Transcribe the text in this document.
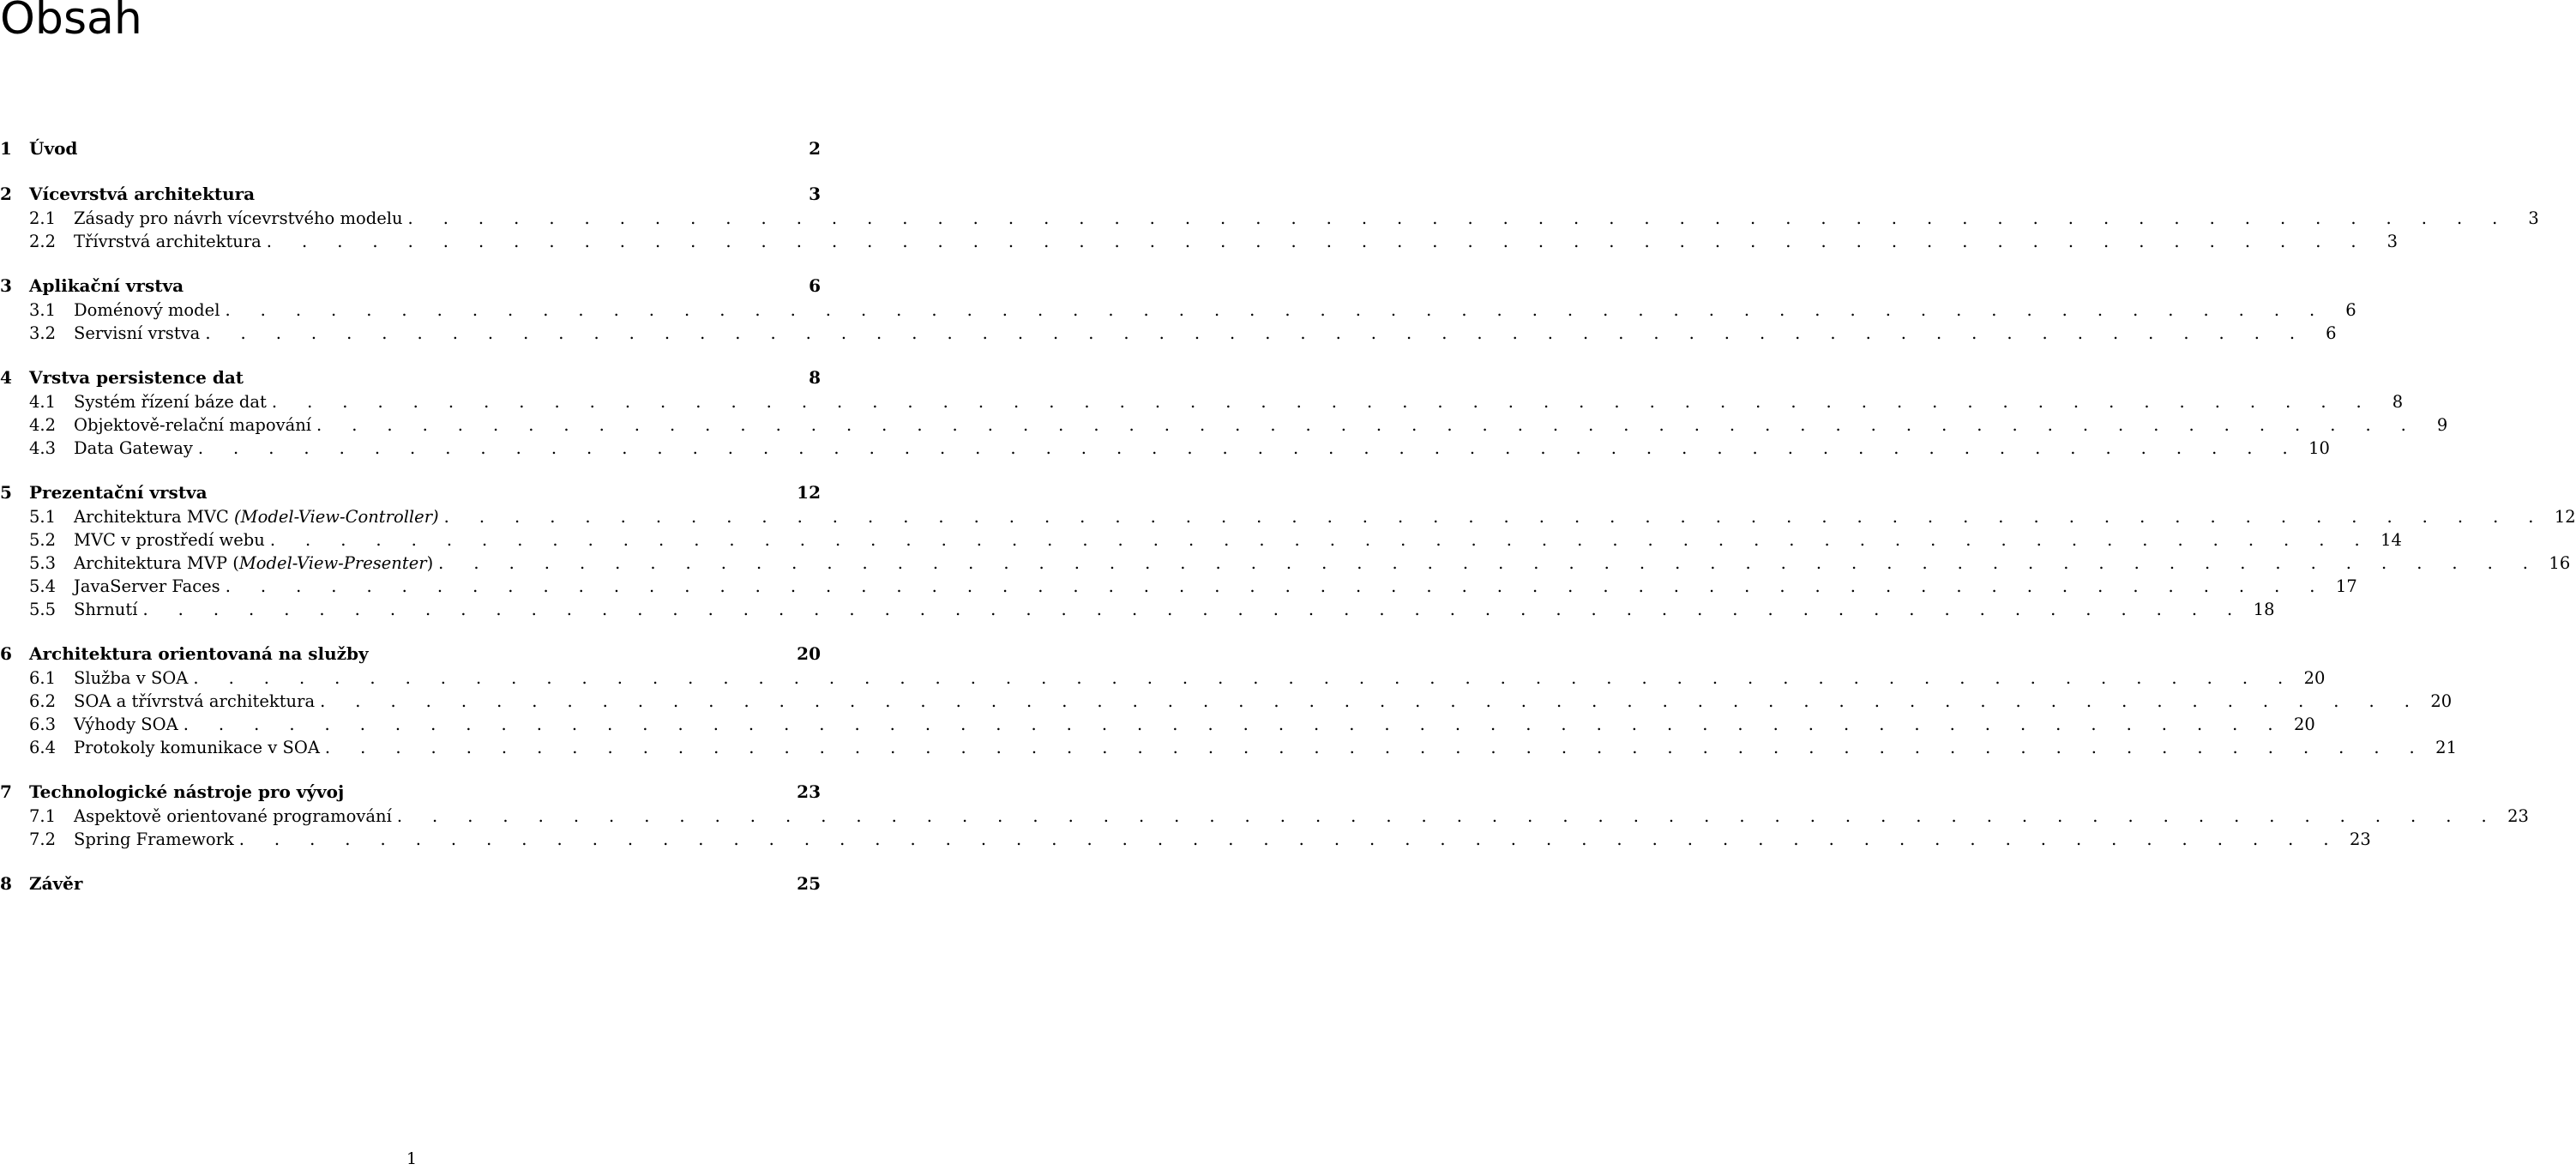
Obsah
1	Úvod	2
2	Vícevrstvá architektura	3
2.1	Zásady pro návrh vícevrstvého modelu . . . . . . . . . . . . . . . . . . . . . . . . . . . . . . . . . . . . . . . . . . . . . . . . . . . . . . . . . . . .	3
2.2	Třívrstvá architektura . . . . . . . . . . . . . . . . . . . . . . . . . . . . . . . . . . . . . . . . . . . . . . . . . . . . . . . . . . . .	3
3	Aplikační vrstva	6
3.1	Doménový model . . . . . . . . . . . . . . . . . . . . . . . . . . . . . . . . . . . . . . . . . . . . . . . . . . . . . . . . . . . .	6
3.2	Servisní vrstva . . . . . . . . . . . . . . . . . . . . . . . . . . . . . . . . . . . . . . . . . . . . . . . . . . . . . . . . . . . .	6
4	Vrstva persistence dat	8
4.1	Systém řízení báze dat . . . . . . . . . . . . . . . . . . . . . . . . . . . . . . . . . . . . . . . . . . . . . . . . . . . . . . . . . . . .	8
4.2	Objektově-relační mapování . . . . . . . . . . . . . . . . . . . . . . . . . . . . . . . . . . . . . . . . . . . . . . . . . . . . . . . . . . . .	9
4.3	Data Gateway . . . . . . . . . . . . . . . . . . . . . . . . . . . . . . . . . . . . . . . . . . . . . . . . . . . . . . . . . . . . 10
5	Prezentační vrstva	12
5.1	Architektura MVC (Model-View-Controller) . . . . . . . . . . . . . . . . . . . . . . . . . . . . . . . . . . . . . . . . . . . . . . . . . . . . . . . . . . . . 12
5.2	MVC v prostředí webu . . . . . . . . . . . . . . . . . . . . . . . . . . . . . . . . . . . . . . . . . . . . . . . . . . . . . . . . . . . . 14
5.3	Architektura MVP (Model-View-Presenter) . . . . . . . . . . . . . . . . . . . . . . . . . . . . . . . . . . . . . . . . . . . . . . . . . . . . . . . . . . . . 16
5.4	JavaServer Faces . . . . . . . . . . . . . . . . . . . . . . . . . . . . . . . . . . . . . . . . . . . . . . . . . . . . . . . . . . . . 17
5.5	Shrnutí . . . . . . . . . . . . . . . . . . . . . . . . . . . . . . . . . . . . . . . . . . . . . . . . . . . . . . . . . . . . 18
6	Architektura orientovaná na služby	20
6.1	Služba v SOA . . . . . . . . . . . . . . . . . . . . . . . . . . . . . . . . . . . . . . . . . . . . . . . . . . . . . . . . . . . . 20
6.2	SOA a třívrstvá architektura . . . . . . . . . . . . . . . . . . . . . . . . . . . . . . . . . . . . . . . . . . . . . . . . . . . . . . . . . . . . 20
6.3	Výhody SOA . . . . . . . . . . . . . . . . . . . . . . . . . . . . . . . . . . . . . . . . . . . . . . . . . . . . . . . . . . . . 20
6.4	Protokoly komunikace v SOA . . . . . . . . . . . . . . . . . . . . . . . . . . . . . . . . . . . . . . . . . . . . . . . . . . . . . . . . . . . . 21
7	Technologické nástroje pro vývoj	23
7.1	Aspektově orientované programování . . . . . . . . . . . . . . . . . . . . . . . . . . . . . . . . . . . . . . . . . . . . . . . . . . . . . . . . . . . . 23
7.2	Spring Framework . . . . . . . . . . . . . . . . . . . . . . . . . . . . . . . . . . . . . . . . . . . . . . . . . . . . . . . . . . . . 23
8	Závěr	25
1
